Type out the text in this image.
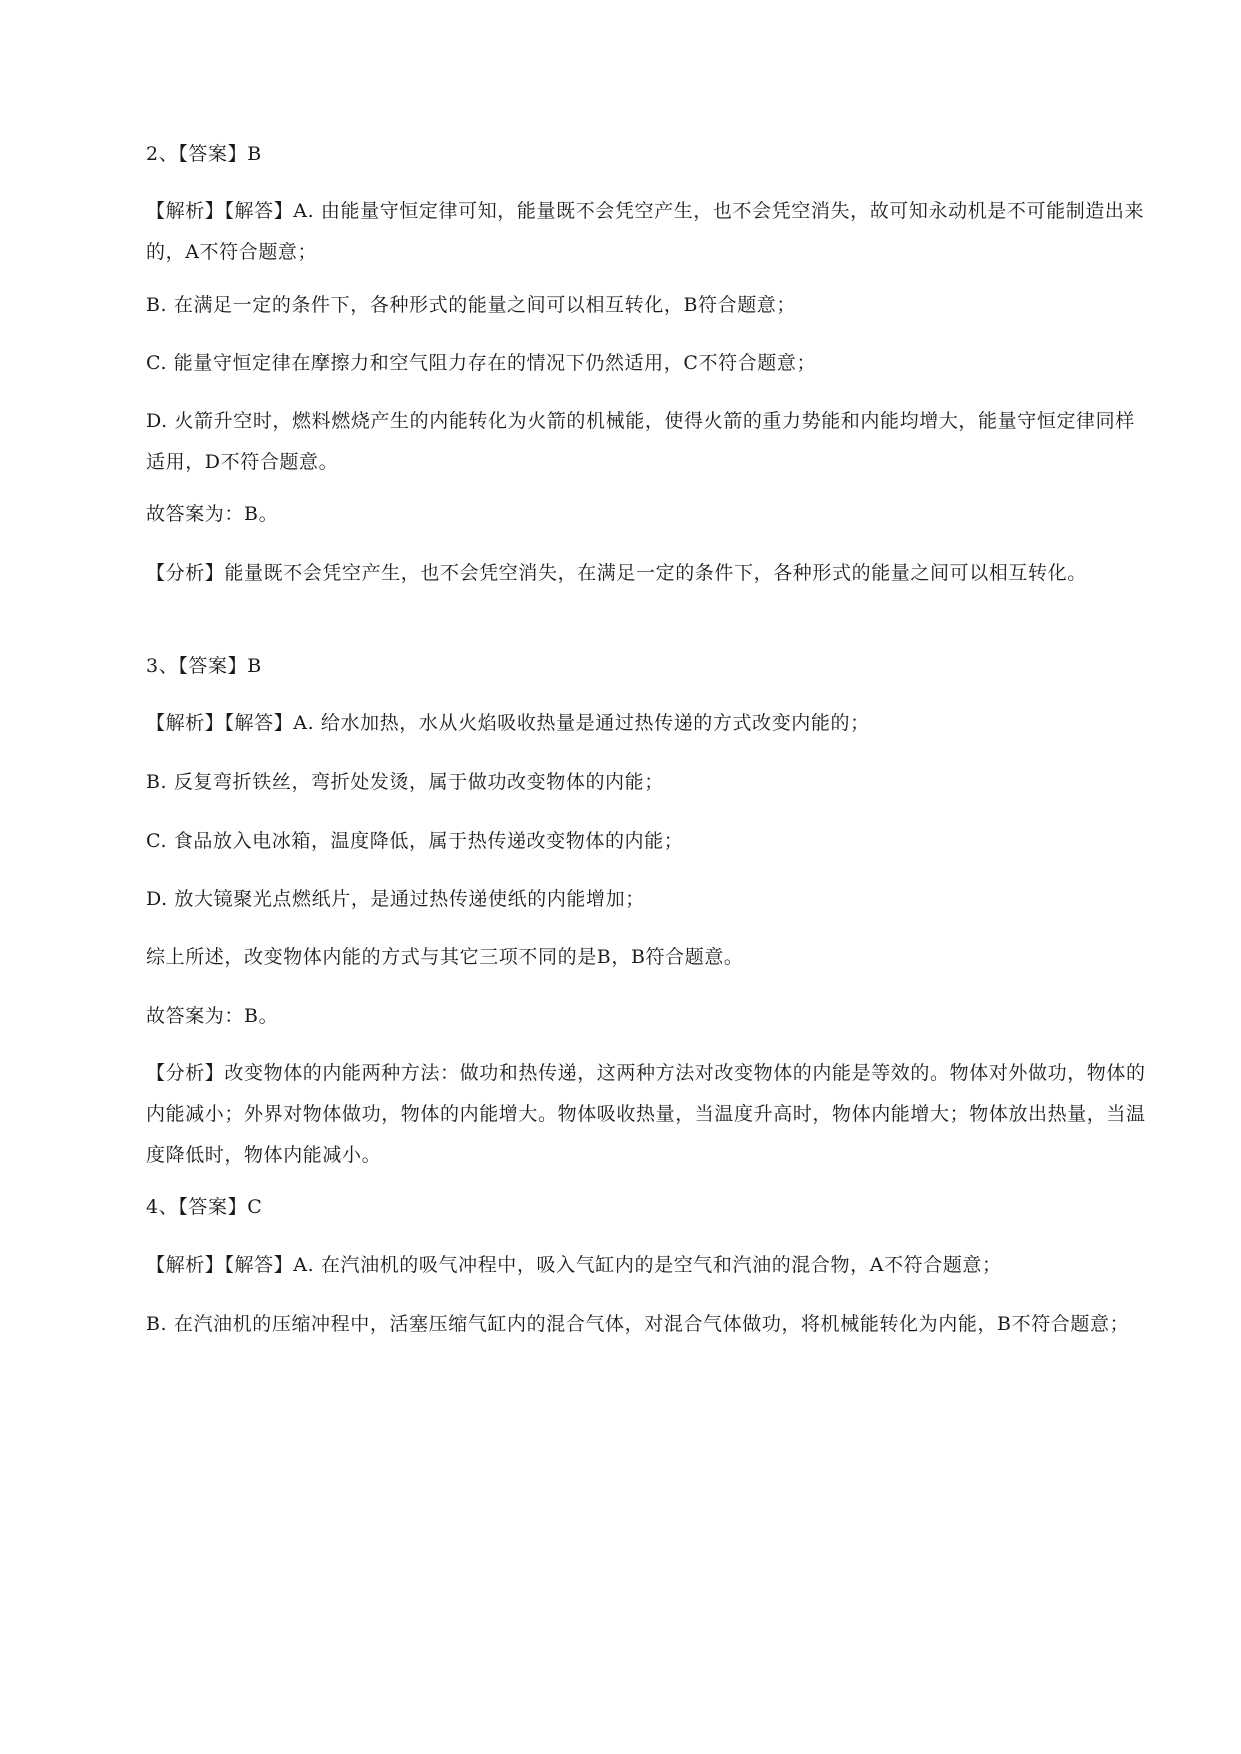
2、【答案】B

【解析】【解答】A. 由能量守恒定律可知，能量既不会凭空产生，也不会凭空消失，故可知永动机是不可能制造出来的，A不符合题意；

B. 在满足一定的条件下，各种形式的能量之间可以相互转化，B符合题意；

C. 能量守恒定律在摩擦力和空气阻力存在的情况下仍然适用，C不符合题意；

D. 火箭升空时，燃料燃烧产生的内能转化为火箭的机械能，使得火箭的重力势能和内能均增大，能量守恒定律同样适用，D不符合题意。

故答案为：B。

【分析】能量既不会凭空产生，也不会凭空消失，在满足一定的条件下，各种形式的能量之间可以相互转化。

3、【答案】B

【解析】【解答】A. 给水加热，水从火焰吸收热量是通过热传递的方式改变内能的；

B. 反复弯折铁丝，弯折处发烫，属于做功改变物体的内能；

C. 食品放入电冰箱，温度降低，属于热传递改变物体的内能；

D. 放大镜聚光点燃纸片，是通过热传递使纸的内能增加；

综上所述，改变物体内能的方式与其它三项不同的是B，B符合题意。

故答案为：B。

【分析】改变物体的内能两种方法：做功和热传递，这两种方法对改变物体的内能是等效的。物体对外做功，物体的内能减小；外界对物体做功，物体的内能增大。物体吸收热量，当温度升高时，物体内能增大；物体放出热量，当温度降低时，物体内能减小。

4、【答案】C

【解析】【解答】A. 在汽油机的吸气冲程中，吸入气缸内的是空气和汽油的混合物，A不符合题意；

B. 在汽油机的压缩冲程中，活塞压缩气缸内的混合气体，对混合气体做功，将机械能转化为内能，B不符合题意；
